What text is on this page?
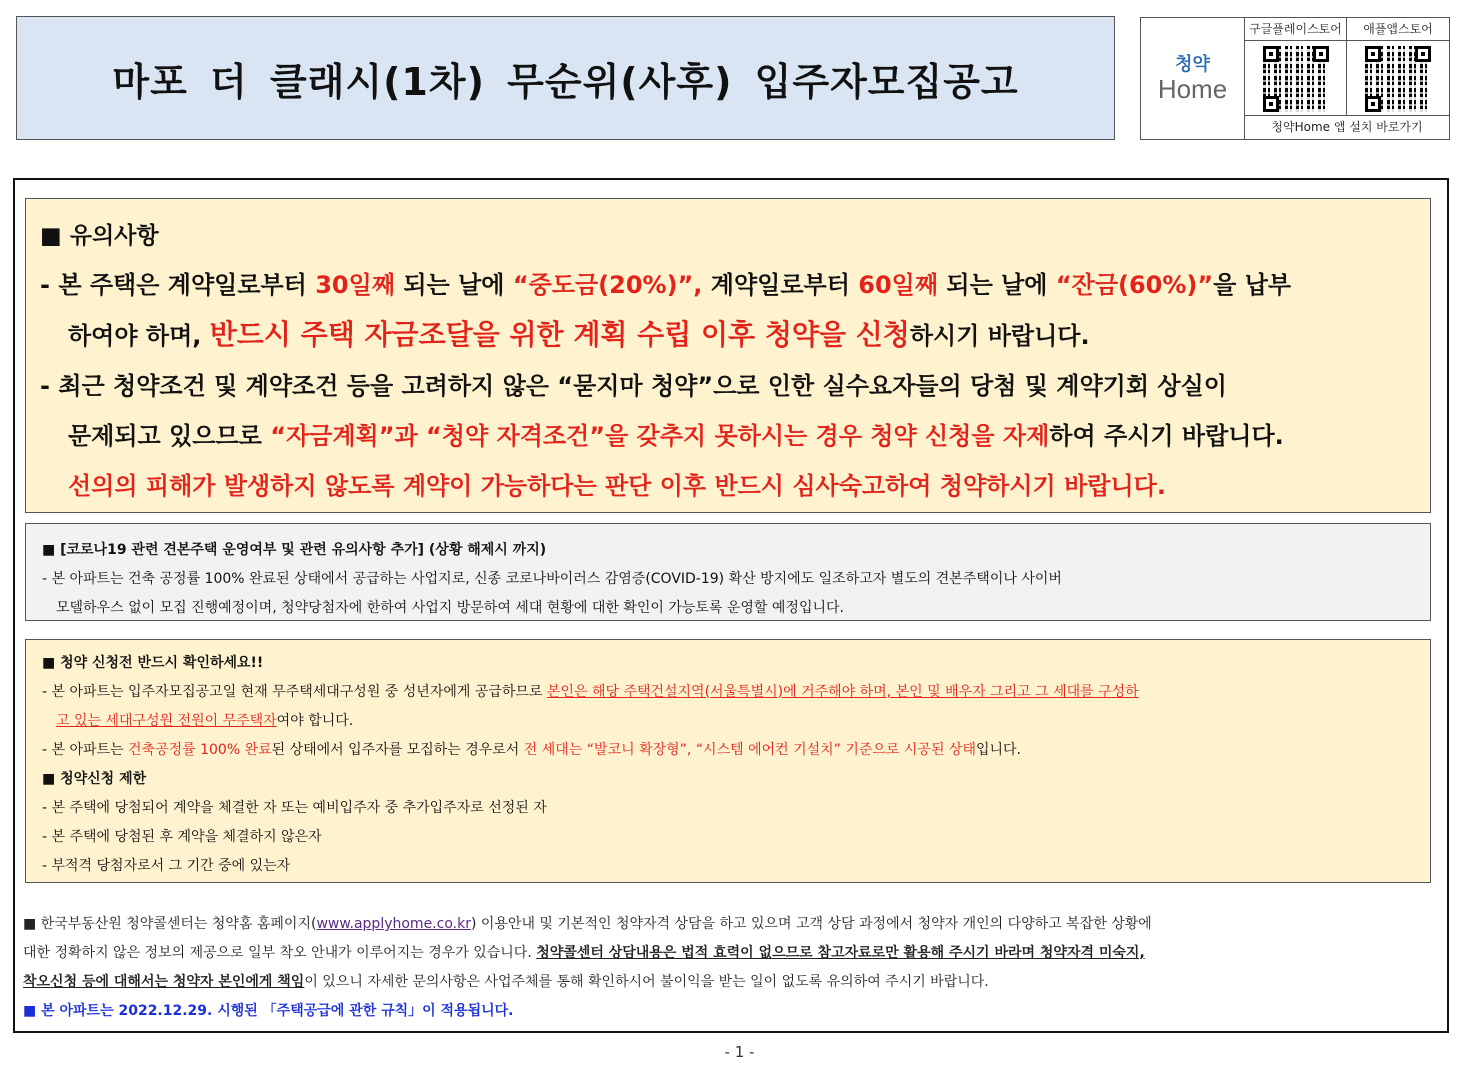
마포 더 클래시(1차) 무순위(사후) 입주자모집공고	청약
Home
구글플레이스토어	애플앱스토어
청약Home 앱 설치 바로가기
■ 유의사항
- 본 주택은 계약일로부터 30일째 되는 날에 “중도금(20%)”, 계약일로부터 60일째 되는 날에 “잔금(60%)”을 납부
하여야 하며, 반드시 주택 자금조달을 위한 계획 수립 이후 청약을 신청하시기 바랍니다.
- 최근 청약조건 및 계약조건 등을 고려하지 않은 “묻지마 청약”으로 인한 실수요자들의 당첨 및 계약기회 상실이
문제되고 있으므로 “자금계획”과 “청약 자격조건”을 갖추지 못하시는 경우 청약 신청을 자제하여 주시기 바랍니다.
선의의 피해가 발생하지 않도록 계약이 가능하다는 판단 이후 반드시 심사숙고하여 청약하시기 바랍니다.
■ [코로나19 관련 견본주택 운영여부 및 관련 유의사항 추가] (상황 해제시 까지)
- 본 아파트는 건축 공정률 100% 완료된 상태에서 공급하는 사업지로, 신종 코로나바이러스 감염증(COVID-19) 확산 방지에도 일조하고자 별도의 견본주택이나 사이버
모델하우스 없이 모집 진행예정이며, 청약당첨자에 한하여 사업지 방문하여 세대 현황에 대한 확인이 가능토록 운영할 예정입니다.
■ 청약 신청전 반드시 확인하세요!!
- 본 아파트는 입주자모집공고일 현재 무주택세대구성원 중 성년자에게 공급하므로 본인은 해당 주택건설지역(서울특별시)에 거주해야 하며, 본인 및 배우자 그리고 그 세대를 구성하
고 있는 세대구성원 전원이 무주택자여야 합니다.
- 본 아파트는 건축공정률 100% 완료된 상태에서 입주자를 모집하는 경우로서 전 세대는 “발코니 확장형”, “시스템 에어컨 기설치” 기준으로 시공된 상태입니다.
■ 청약신청 제한
- 본 주택에 당첨되어 계약을 체결한 자 또는 예비입주자 중 추가입주자로 선정된 자
- 본 주택에 당첨된 후 계약을 체결하지 않은자
- 부적격 당첨자로서 그 기간 중에 있는자
■ 한국부동산원 청약콜센터는 청약홈 홈페이지(www.applyhome.co.kr) 이용안내 및 기본적인 청약자격 상담을 하고 있으며 고객 상담 과정에서 청약자 개인의 다양하고 복잡한 상황에
대한 정확하지 않은 정보의 제공으로 일부 착오 안내가 이루어지는 경우가 있습니다. 청약콜센터 상담내용은 법적 효력이 없으므로 참고자료로만 활용해 주시기 바라며 청약자격 미숙지,
착오신청 등에 대해서는 청약자 본인에게 책임이 있으니 자세한 문의사항은 사업주체를 통해 확인하시어 불이익을 받는 일이 없도록 유의하여 주시기 바랍니다.
■ 본 아파트는 2022.12.29. 시행된 「주택공급에 관한 규칙」이 적용됩니다.
- 1 -
